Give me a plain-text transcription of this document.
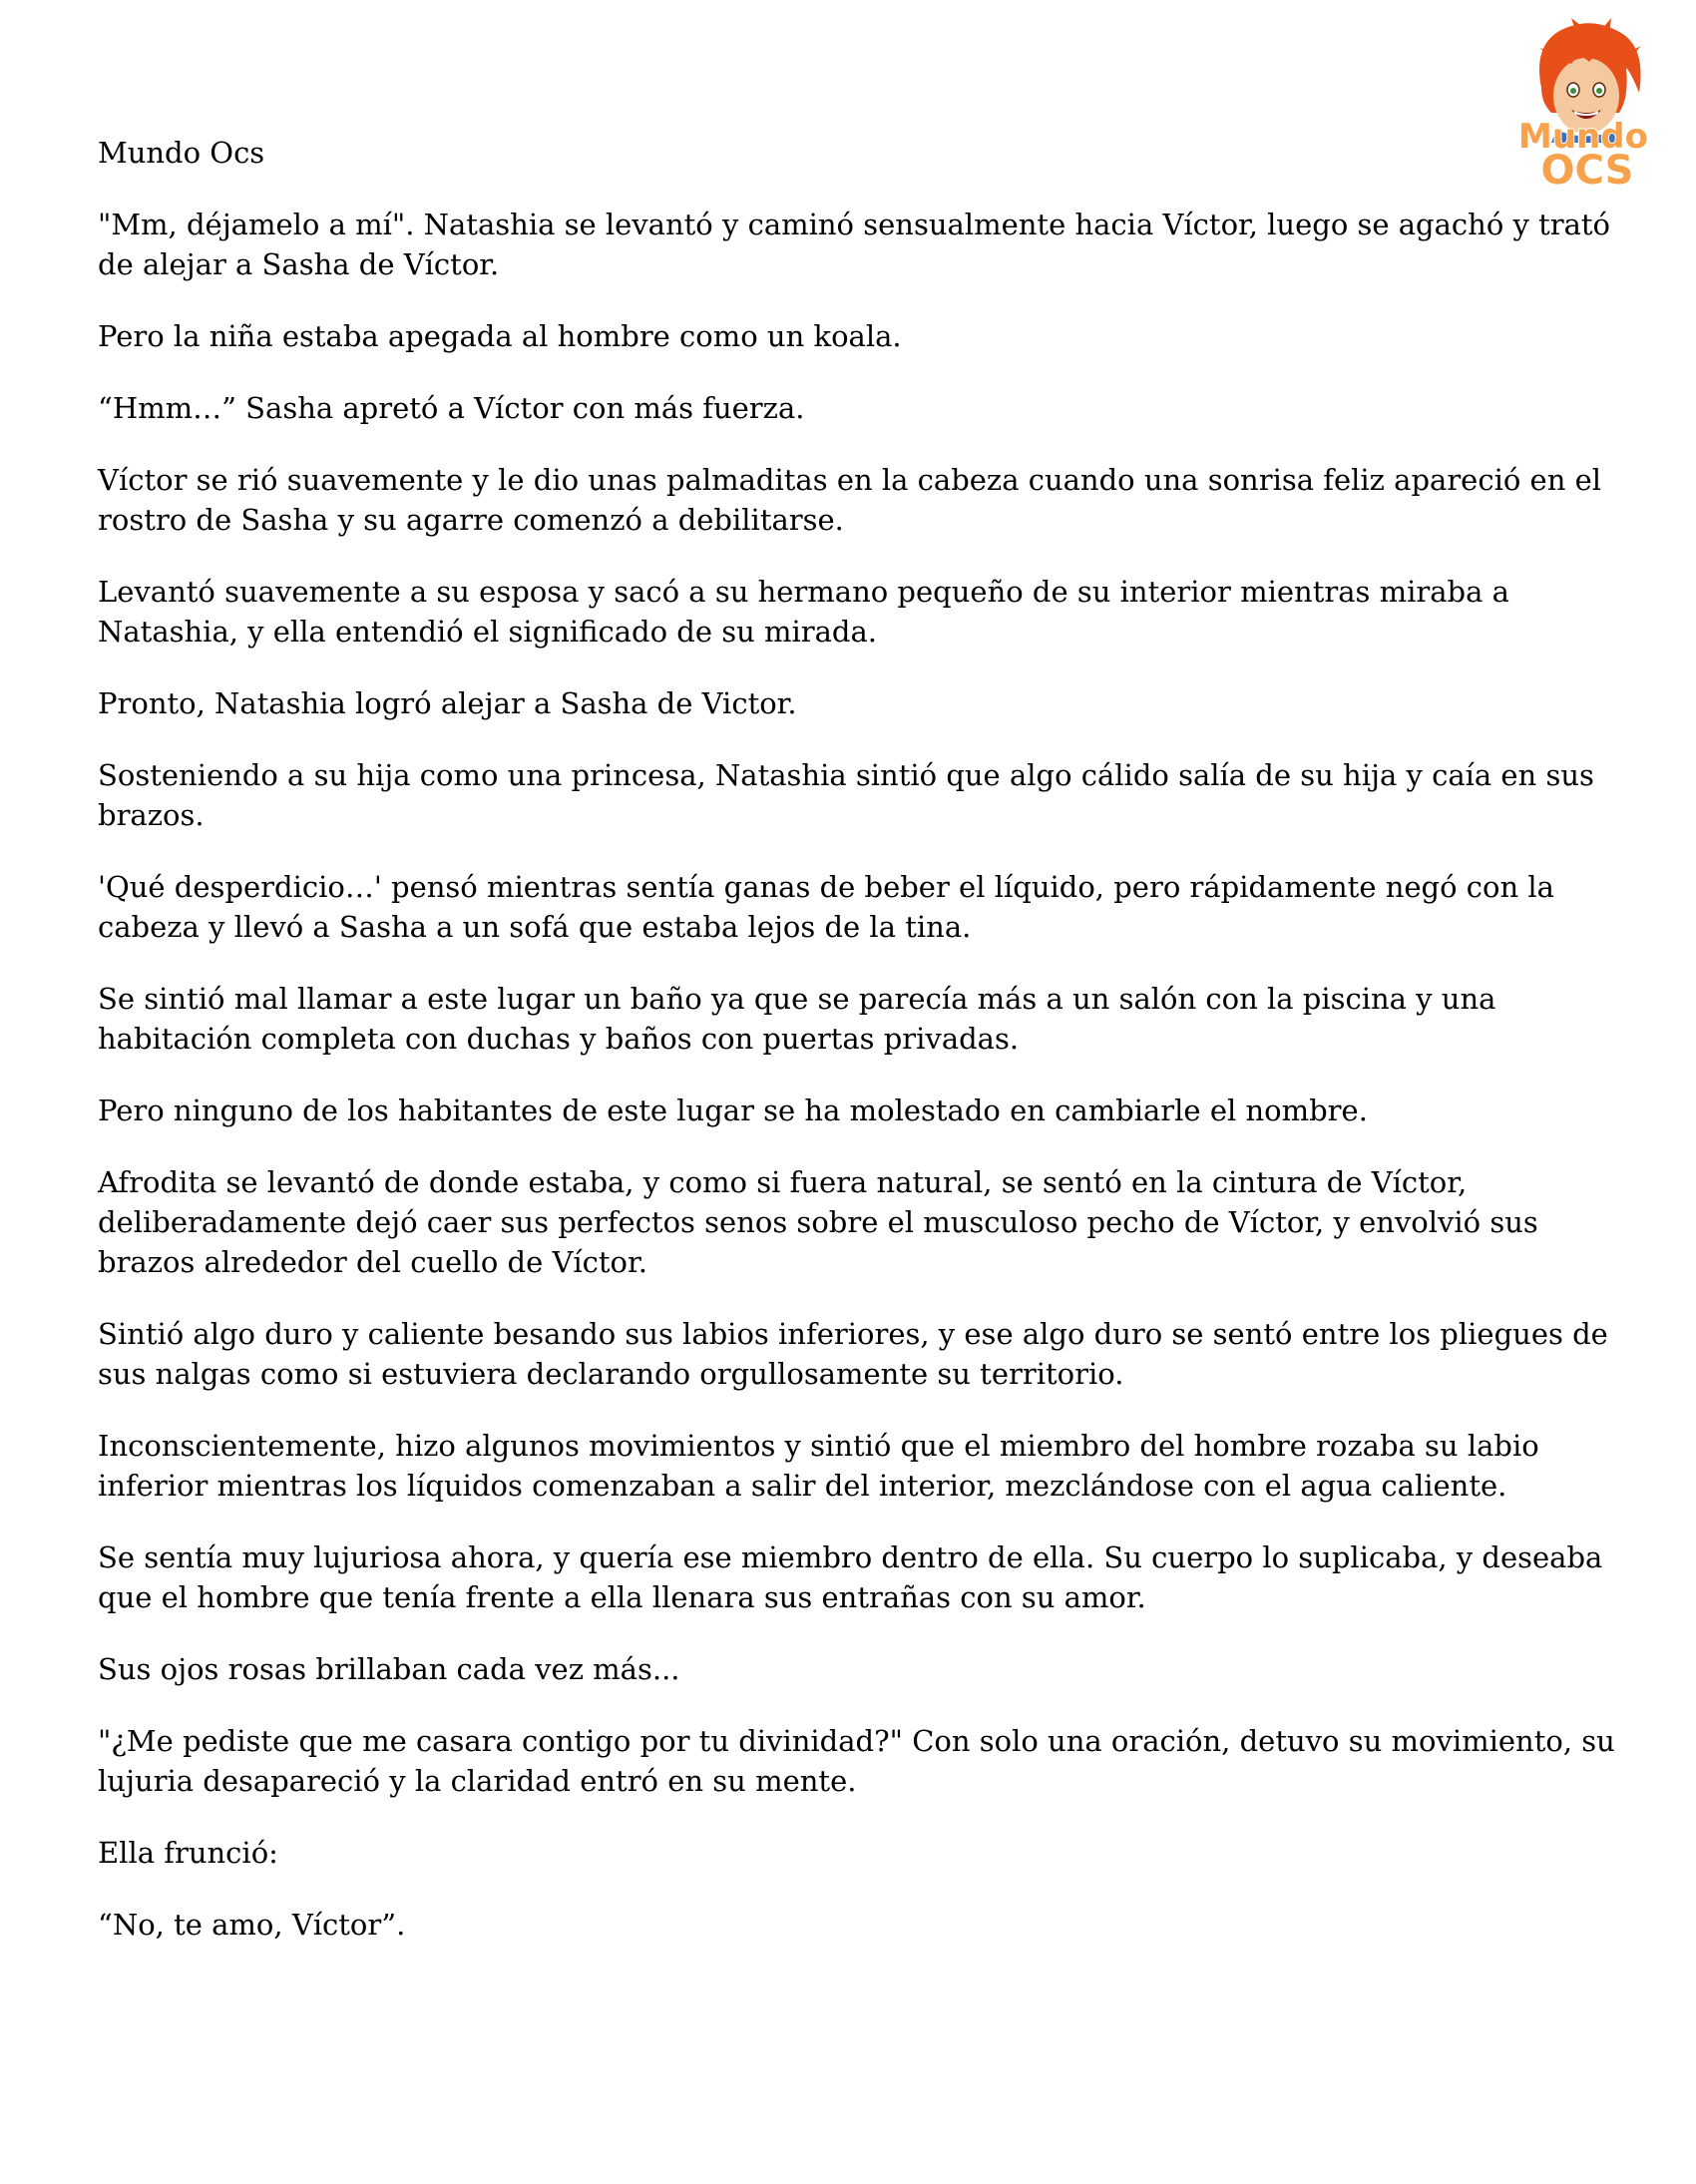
Mundo
OCS

Mundo Ocs

"Mm, déjamelo a mí". Natashia se levantó y caminó sensualmente hacia Víctor, luego se agachó y trató de alejar a Sasha de Víctor.

Pero la niña estaba apegada al hombre como un koala.

“Hmm…” Sasha apretó a Víctor con más fuerza.

Víctor se rió suavemente y le dio unas palmaditas en la cabeza cuando una sonrisa feliz apareció en el rostro de Sasha y su agarre comenzó a debilitarse.

Levantó suavemente a su esposa y sacó a su hermano pequeño de su interior mientras miraba a Natashia, y ella entendió el significado de su mirada.

Pronto, Natashia logró alejar a Sasha de Victor.

Sosteniendo a su hija como una princesa, Natashia sintió que algo cálido salía de su hija y caía en sus brazos.

'Qué desperdicio…' pensó mientras sentía ganas de beber el líquido, pero rápidamente negó con la cabeza y llevó a Sasha a un sofá que estaba lejos de la tina.

Se sintió mal llamar a este lugar un baño ya que se parecía más a un salón con la piscina y una habitación completa con duchas y baños con puertas privadas.

Pero ninguno de los habitantes de este lugar se ha molestado en cambiarle el nombre.

Afrodita se levantó de donde estaba, y como si fuera natural, se sentó en la cintura de Víctor, deliberadamente dejó caer sus perfectos senos sobre el musculoso pecho de Víctor, y envolvió sus brazos alrededor del cuello de Víctor.

Sintió algo duro y caliente besando sus labios inferiores, y ese algo duro se sentó entre los pliegues de sus nalgas como si estuviera declarando orgullosamente su territorio.

Inconscientemente, hizo algunos movimientos y sintió que el miembro del hombre rozaba su labio inferior mientras los líquidos comenzaban a salir del interior, mezclándose con el agua caliente.

Se sentía muy lujuriosa ahora, y quería ese miembro dentro de ella. Su cuerpo lo suplicaba, y deseaba que el hombre que tenía frente a ella llenara sus entrañas con su amor.

Sus ojos rosas brillaban cada vez más...

"¿Me pediste que me casara contigo por tu divinidad?" Con solo una oración, detuvo su movimiento, su lujuria desapareció y la claridad entró en su mente.

Ella frunció:

“No, te amo, Víctor”.
